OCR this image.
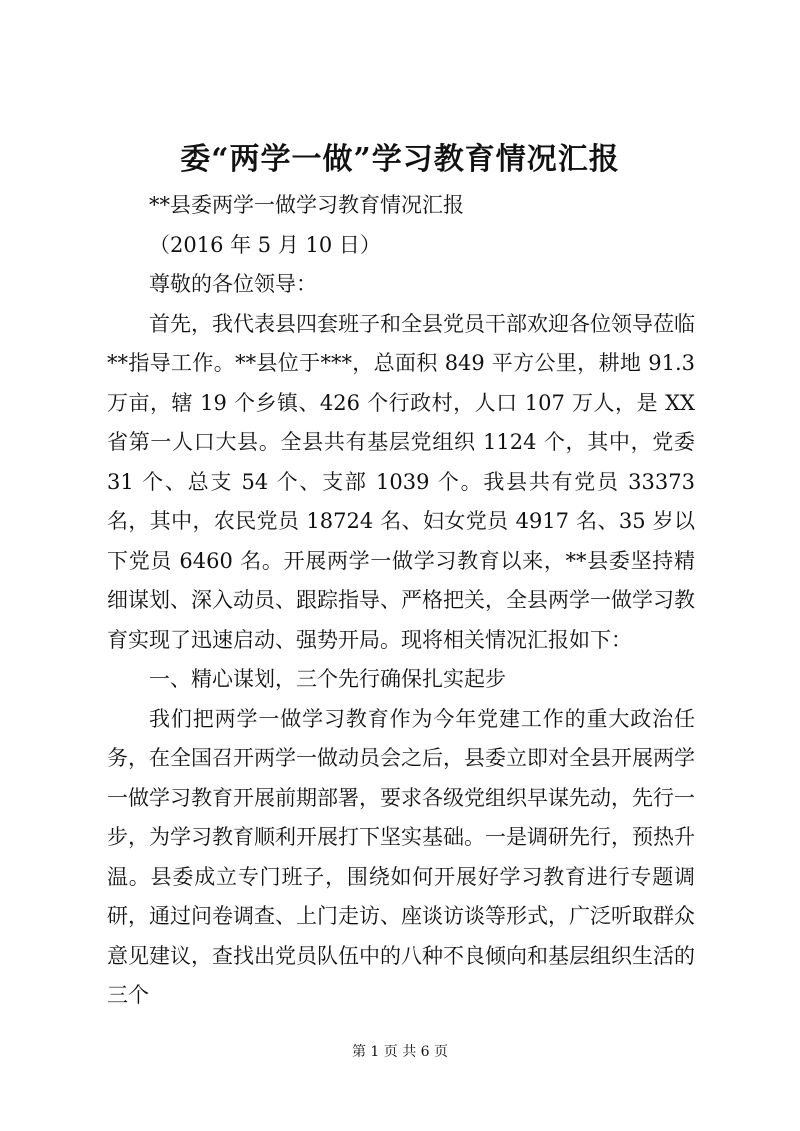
委“两学一做”学习教育情况汇报

**县委两学一做学习教育情况汇报

（2016 年 5 月 10 日）

尊敬的各位领导：

首先，我代表县四套班子和全县党员干部欢迎各位领导莅临**指导工作。**县位于***，总面积 849 平方公里，耕地 91.3 万亩，辖 19 个乡镇、426 个行政村，人口 107 万人，是 XX 省第一人口大县。全县共有基层党组织 1124 个，其中，党委 31 个、总支 54 个、支部 1039 个。我县共有党员 33373 名，其中，农民党员 18724 名、妇女党员 4917 名、35 岁以下党员 6460 名。开展两学一做学习教育以来，**县委坚持精细谋划、深入动员、跟踪指导、严格把关，全县两学一做学习教育实现了迅速启动、强势开局。现将相关情况汇报如下：

一、精心谋划，三个先行确保扎实起步

我们把两学一做学习教育作为今年党建工作的重大政治任务，在全国召开两学一做动员会之后，县委立即对全县开展两学一做学习教育开展前期部署，要求各级党组织早谋先动，先行一步，为学习教育顺利开展打下坚实基础。一是调研先行，预热升温。县委成立专门班子，围绕如何开展好学习教育进行专题调研，通过问卷调查、上门走访、座谈访谈等形式，广泛听取群众意见建议，查找出党员队伍中的八种不良倾向和基层组织生活的三个

第 1 页 共 6 页
